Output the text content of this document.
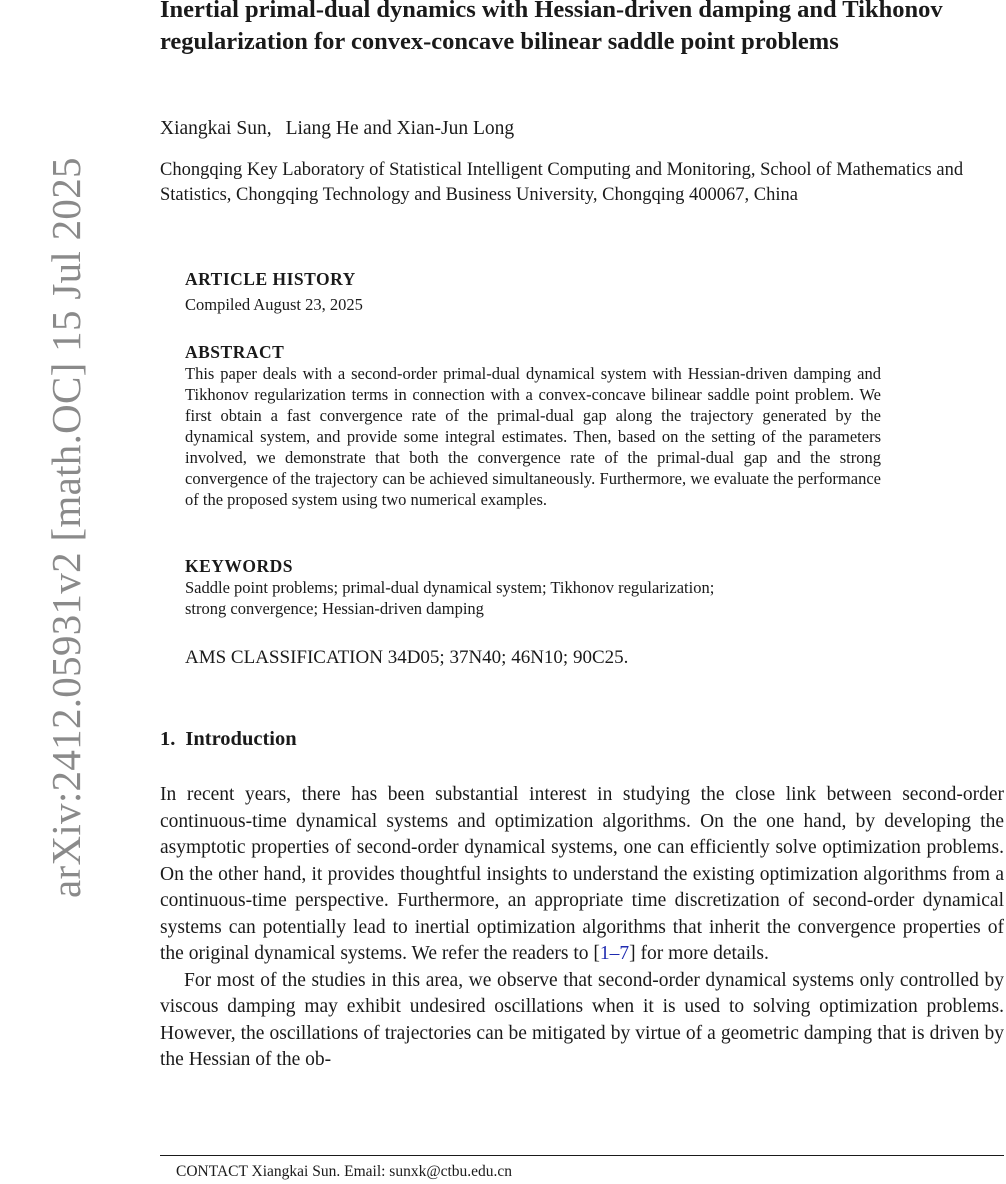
arXiv:2412.05931v2 [math.OC] 15 Jul 2025
Inertial primal-dual dynamics with Hessian-driven damping and Tikhonov regularization for convex-concave bilinear saddle point problems
Xiangkai Sun, Liang He and Xian-Jun Long
Chongqing Key Laboratory of Statistical Intelligent Computing and Monitoring, School of Mathematics and Statistics, Chongqing Technology and Business University, Chongqing 400067, China
ARTICLE HISTORY

Compiled August 23, 2025

ABSTRACT

This paper deals with a second-order primal-dual dynamical system with Hessian-driven damping and Tikhonov regularization terms in connection with a convex-concave bilinear saddle point problem. We first obtain a fast convergence rate of the primal-dual gap along the trajectory generated by the dynamical system, and provide some integral estimates. Then, based on the setting of the parameters involved, we demonstrate that both the convergence rate of the primal-dual gap and the strong convergence of the trajectory can be achieved simultaneously. Furthermore, we evaluate the performance of the proposed system using two numerical examples.

KEYWORDS

Saddle point problems; primal-dual dynamical system; Tikhonov regularization;
strong convergence; Hessian-driven damping

AMS CLASSIFICATION 34D05; 37N40; 46N10; 90C25.
1. Introduction

In recent years, there has been substantial interest in studying the close link between second-order continuous-time dynamical systems and optimization algorithms. On the one hand, by developing the asymptotic properties of second-order dynamical systems, one can efficiently solve optimization problems. On the other hand, it provides thoughtful insights to understand the existing optimization algorithms from a continuous-time perspective. Furthermore, an appropriate time discretization of second-order dynamical systems can potentially lead to inertial optimization algorithms that inherit the convergence properties of the original dynamical systems. We refer the readers to [1–7] for more details.

For most of the studies in this area, we observe that second-order dynamical systems only controlled by viscous damping may exhibit undesired oscillations when it is used to solving optimization problems. However, the oscillations of trajectories can be mitigated by virtue of a geometric damping that is driven by the Hessian of the ob-

CONTACT Xiangkai Sun. Email: sunxk@ctbu.edu.cn
